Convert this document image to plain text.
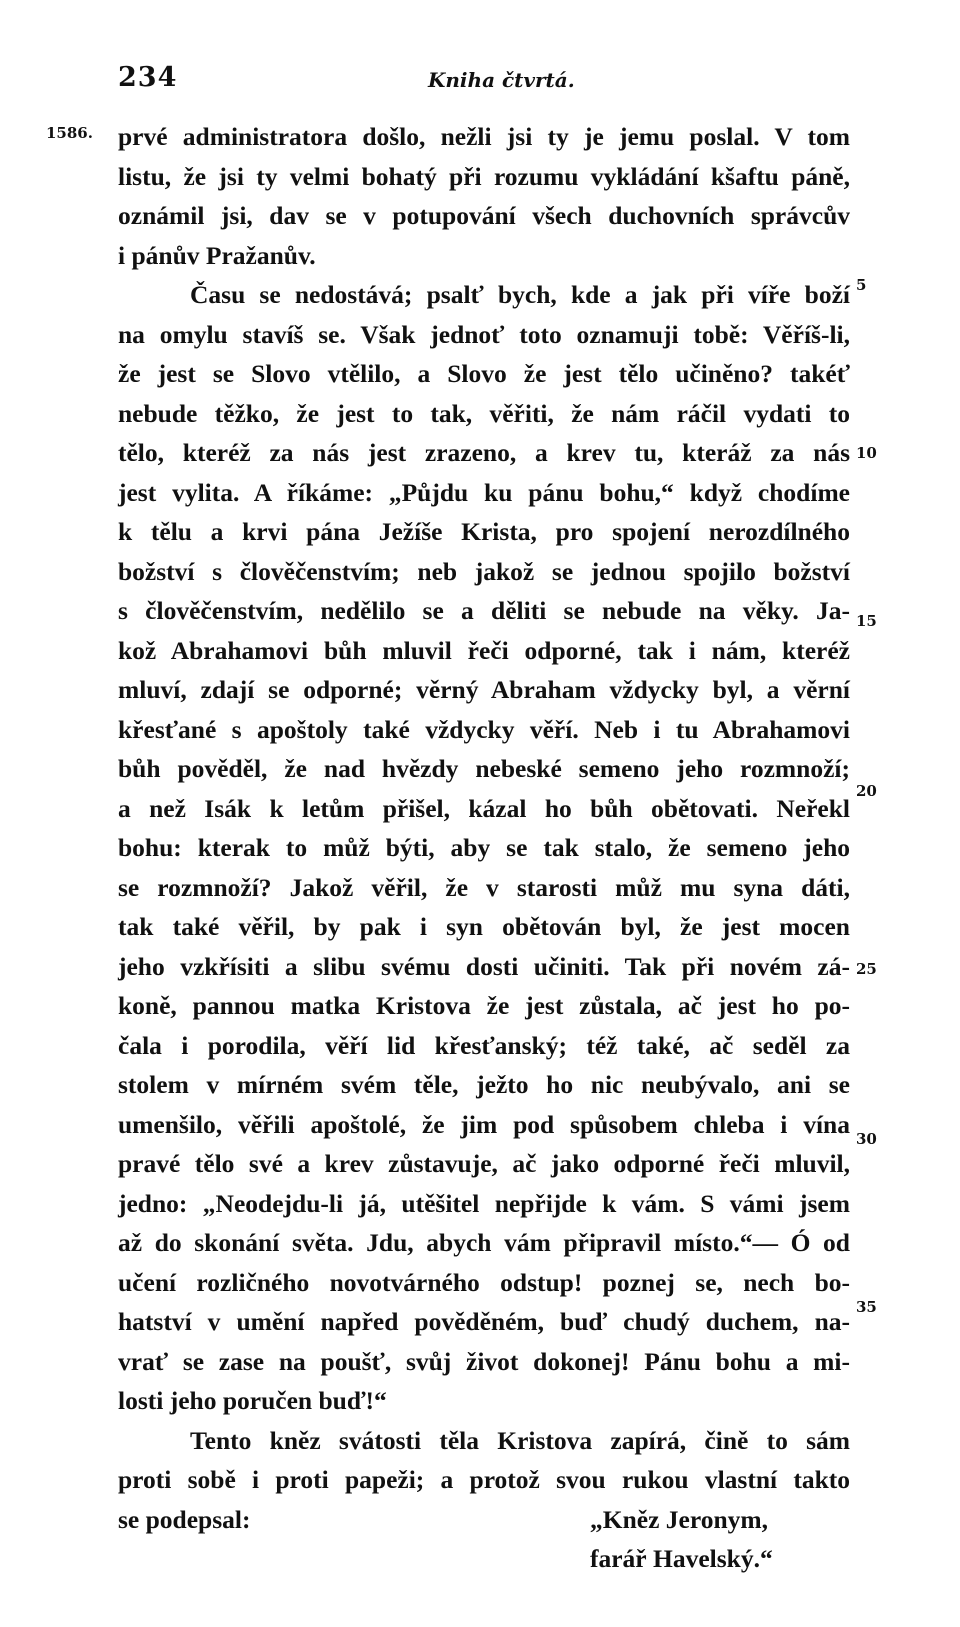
234	Kniha čtvrtá.
1586. prvé administratora došlo, nežli jsi ty je jemu poslal. V tom
listu, že jsi ty velmi bohatý při rozumu vykládání kšaftu páně,
oznámil jsi, dav se v potupování všech duchovních správcův
i pánův Pražanův.
Času se nedostává; psalť bych, kde a jak při víře boží
na omylu stavíš se. Však jednoť toto oznamuji tobě: Věříš-li,
že jest se Slovo vtělilo, a Slovo že jest tělo učiněno? takéť
nebude těžko, že jest to tak, věřiti, že nám ráčil vydati to
tělo, kteréž za nás jest zrazeno, a krev tu, kteráž za nás
jest vylita. A říkáme: „Půjdu ku pánu bohu,“ když chodíme
k tělu a krvi pána Ježíše Krista, pro spojení nerozdílného
božství s člověčenstvím; neb jakož se jednou spojilo božství
s člověčenstvím, nedělilo se a děliti se nebude na věky. Ja-
kož Abrahamovi bůh mluvil řeči odporné, tak i nám, kteréž
mluví, zdají se odporné; věrný Abraham vždycky byl, a věrní
křesťané s apoštoly také vždycky věří. Neb i tu Abrahamovi
bůh pověděl, že nad hvězdy nebeské semeno jeho rozmnoží;
a než Isák k letům přišel, kázal ho bůh obětovati. Neřekl
bohu: kterak to můž býti, aby se tak stalo, že semeno jeho
se rozmnoží? Jakož věřil, že v starosti můž mu syna dáti,
tak také věřil, by pak i syn obětován byl, že jest mocen
jeho vzkřísiti a slibu svému dosti učiniti. Tak při novém zá-
koně, pannou matka Kristova že jest zůstala, ač jest ho po-
čala i porodila, věří lid křesťanský; též také, ač seděl za
stolem v mírném svém těle, ježto ho nic neubývalo, ani se
umenšilo, věřili apoštolé, že jim pod spůsobem chleba i vína
pravé tělo své a krev zůstavuje, ač jako odporné řeči mluvil,
jedno: „Neodejdu-li já, utěšitel nepřijde k vám. S vámi jsem
až do skonání světa. Jdu, abych vám připravil místo.“— Ó od
učení rozličného novotvárného odstup! poznej se, nech bo-
hatství v umění napřed pověděném, buď chudý duchem, na-
vrať se zase na poušť, svůj život dokonej! Pánu bohu a mi-
losti jeho poručen buď!“
Tento kněz svátosti těla Kristova zapírá, čině to sám
proti sobě i proti papeži; a protož svou rukou vlastní takto
se podepsal:	„Kněz Jeronym,
farář Havelský.“
5
10
15
20
25
30
35
